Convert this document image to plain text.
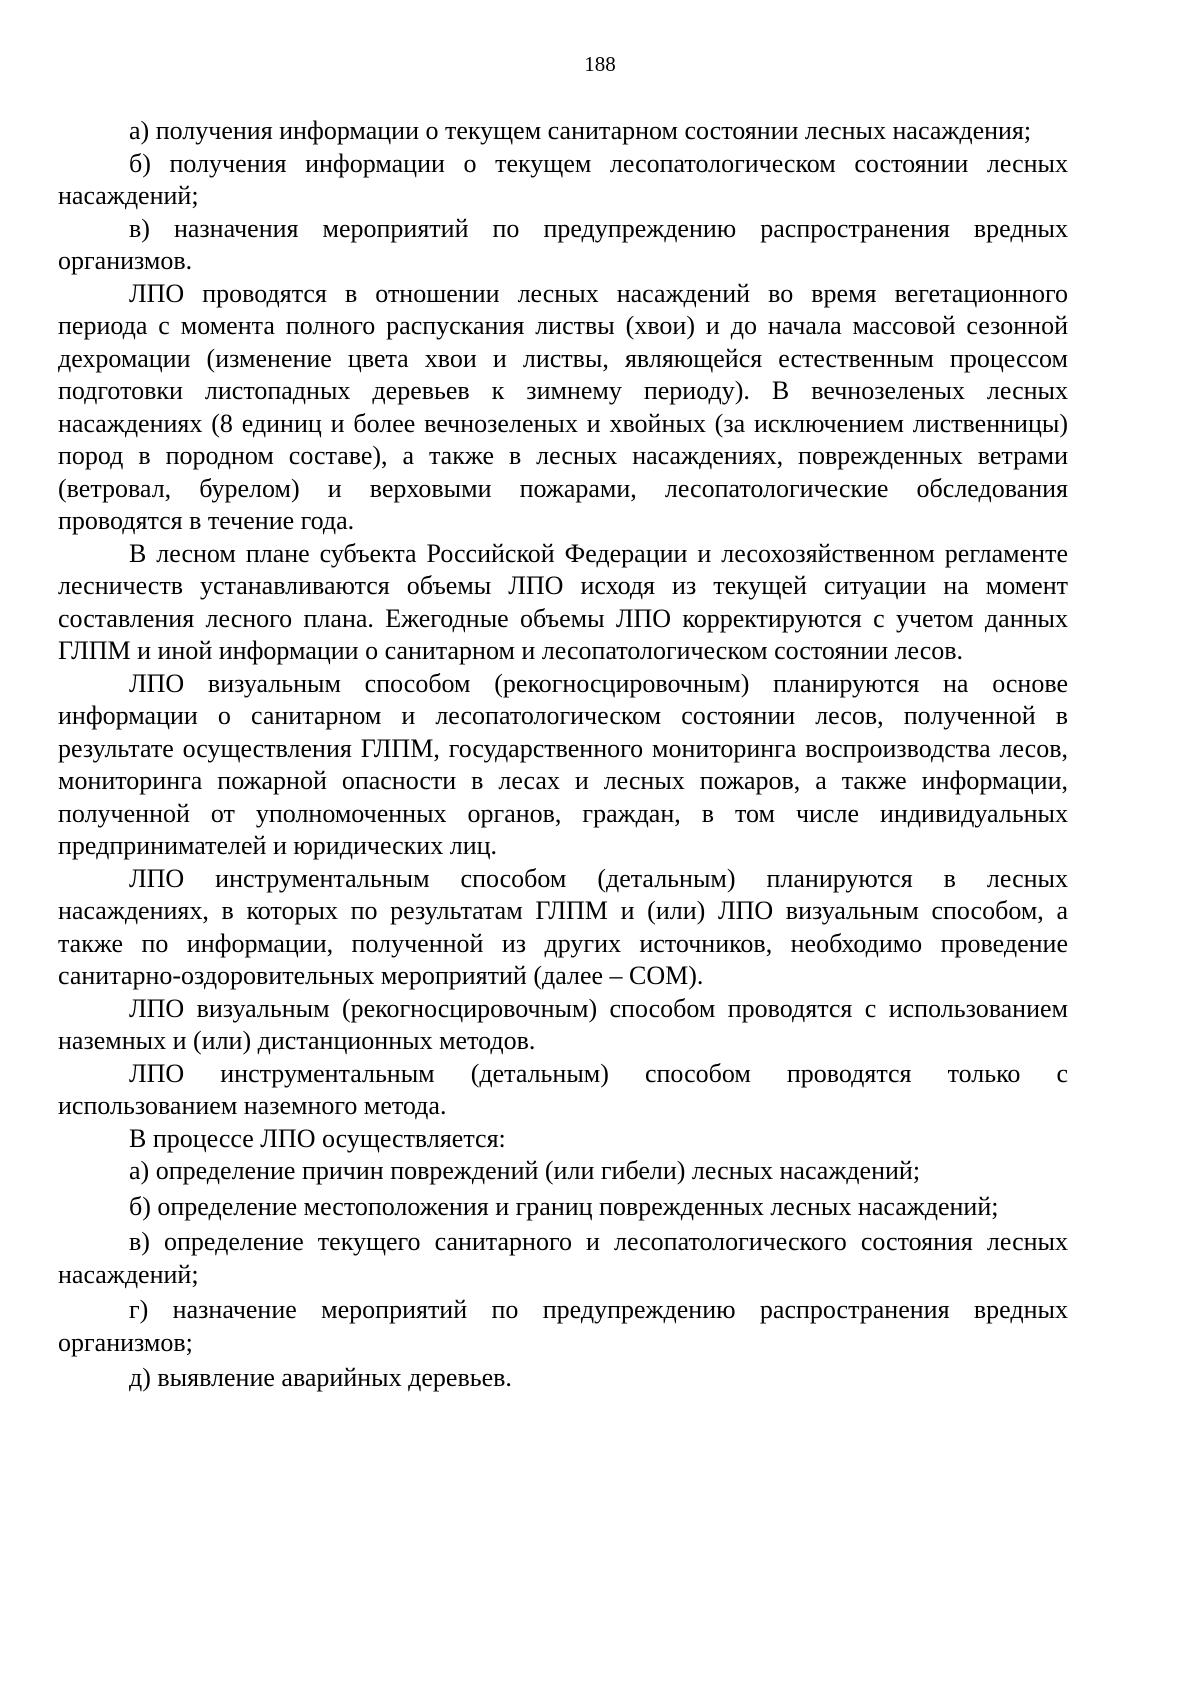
188

а) получения информации о текущем санитарном состоянии лесных насаждения;

б) получения информации о текущем лесопатологическом состоянии лесных насаждений;

в) назначения мероприятий по предупреждению распространения вредных организмов.

ЛПО проводятся в отношении лесных насаждений во время вегетационного периода с момента полного распускания листвы (хвои) и до начала массовой сезонной дехромации (изменение цвета хвои и листвы, являющейся естественным процессом подготовки листопадных деревьев к зимнему периоду). В вечнозеленых лесных насаждениях (8 единиц и более вечнозеленых и хвойных (за исключением лиственницы) пород в породном составе), а также в лесных насаждениях, поврежденных ветрами (ветровал, бурелом) и верховыми пожарами, лесопатологические обследования проводятся в течение года.

В лесном плане субъекта Российской Федерации и лесохозяйственном регламенте лесничеств устанавливаются объемы ЛПО исходя из текущей ситуации на момент составления лесного плана. Ежегодные объемы ЛПО корректируются с учетом данных ГЛПМ и иной информации о санитарном и лесопатологическом состоянии лесов.

ЛПО визуальным способом (рекогносцировочным) планируются на основе информации о санитарном и лесопатологическом состоянии лесов, полученной в результате осуществления ГЛПМ, государственного мониторинга воспроизводства лесов, мониторинга пожарной опасности в лесах и лесных пожаров, а также информации, полученной от уполномоченных органов, граждан, в том числе индивидуальных предпринимателей и юридических лиц.

ЛПО инструментальным способом (детальным) планируются в лесных насаждениях, в которых по результатам ГЛПМ и (или) ЛПО визуальным способом, а также по информации, полученной из других источников, необходимо проведение санитарно-оздоровительных мероприятий (далее – СОМ).

ЛПО визуальным (рекогносцировочным) способом проводятся с использованием наземных и (или) дистанционных методов.

ЛПО инструментальным (детальным) способом проводятся только с использованием наземного метода.

В процессе ЛПО осуществляется:

а) определение причин повреждений (или гибели) лесных насаждений;

б) определение местоположения и границ поврежденных лесных насаждений;

в) определение текущего санитарного и лесопатологического состояния лесных насаждений;

г) назначение мероприятий по предупреждению распространения вредных организмов;

д) выявление аварийных деревьев.
